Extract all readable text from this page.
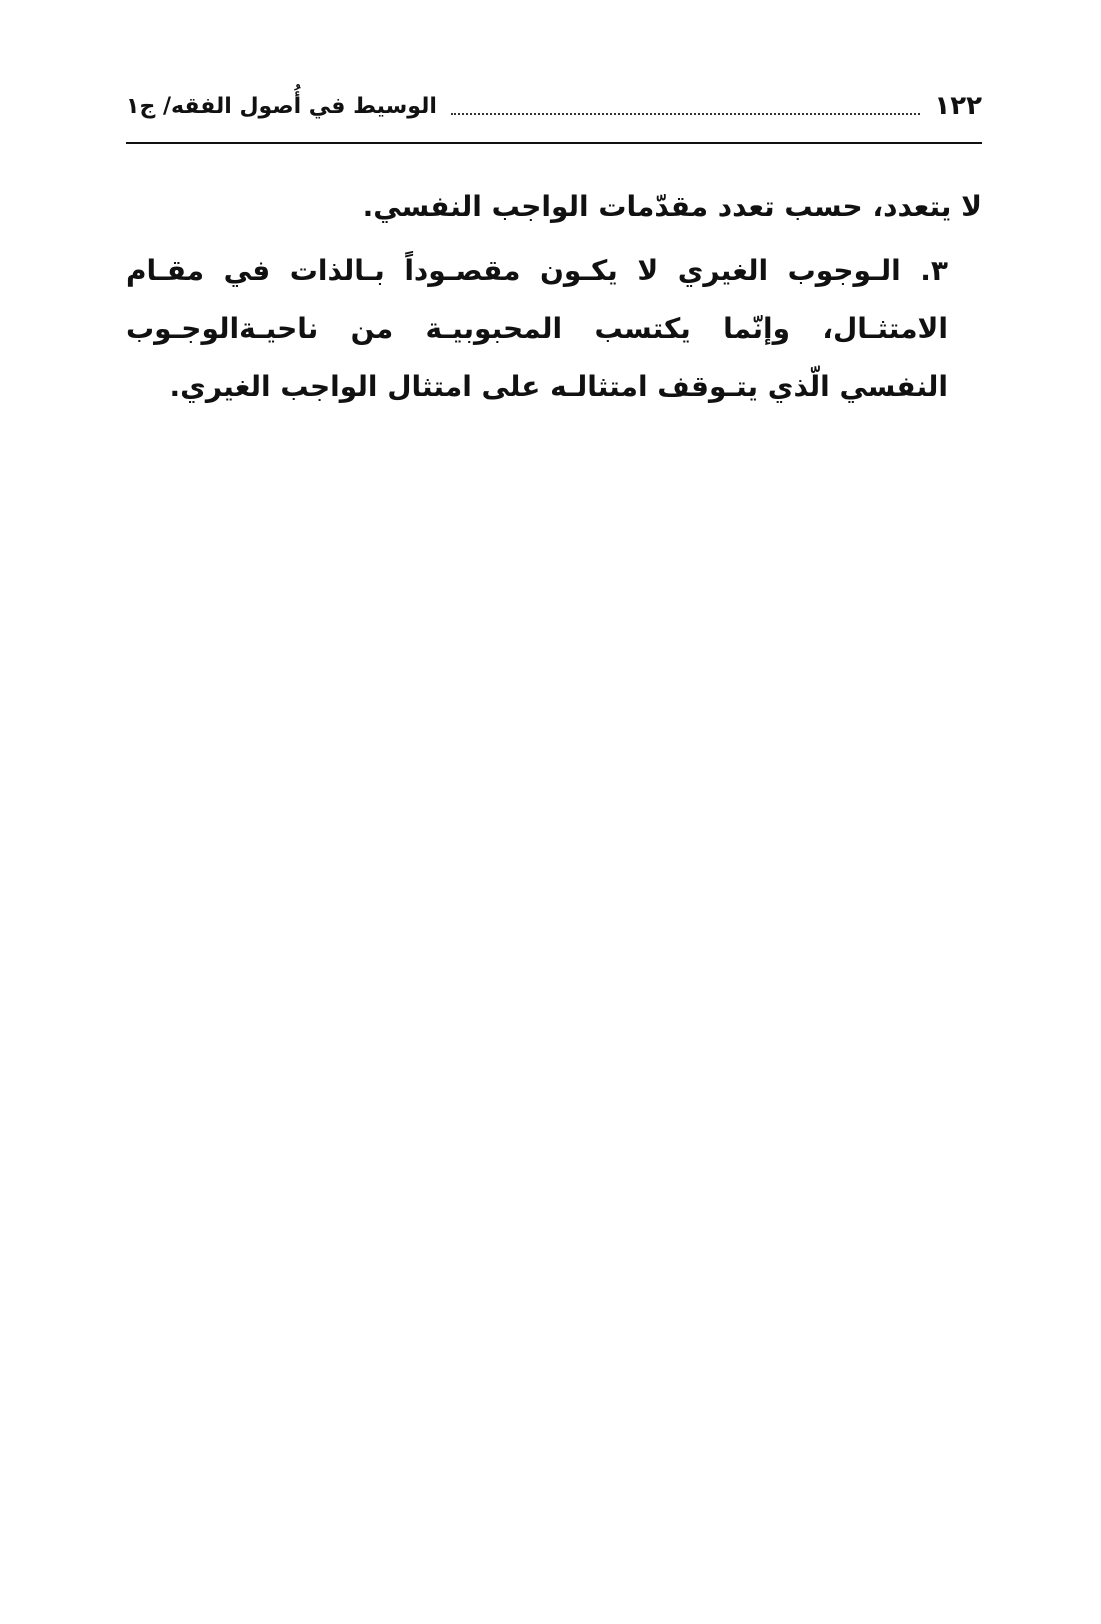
١٢٢
الوسيط في أُصول الفقه/ ج١

لا يتعدد، حسب تعدد مقدّمات الواجب النفسي.

٣. الـوجوب الغيري لا يكـون مقصـوداً بـالذات في مقـام الامتثـال، وإنّما يكتسب المحبوبيـة من ناحيـةالوجـوب النفسي الّذي يتـوقف امتثالـه على امتثال الواجب الغيري.
